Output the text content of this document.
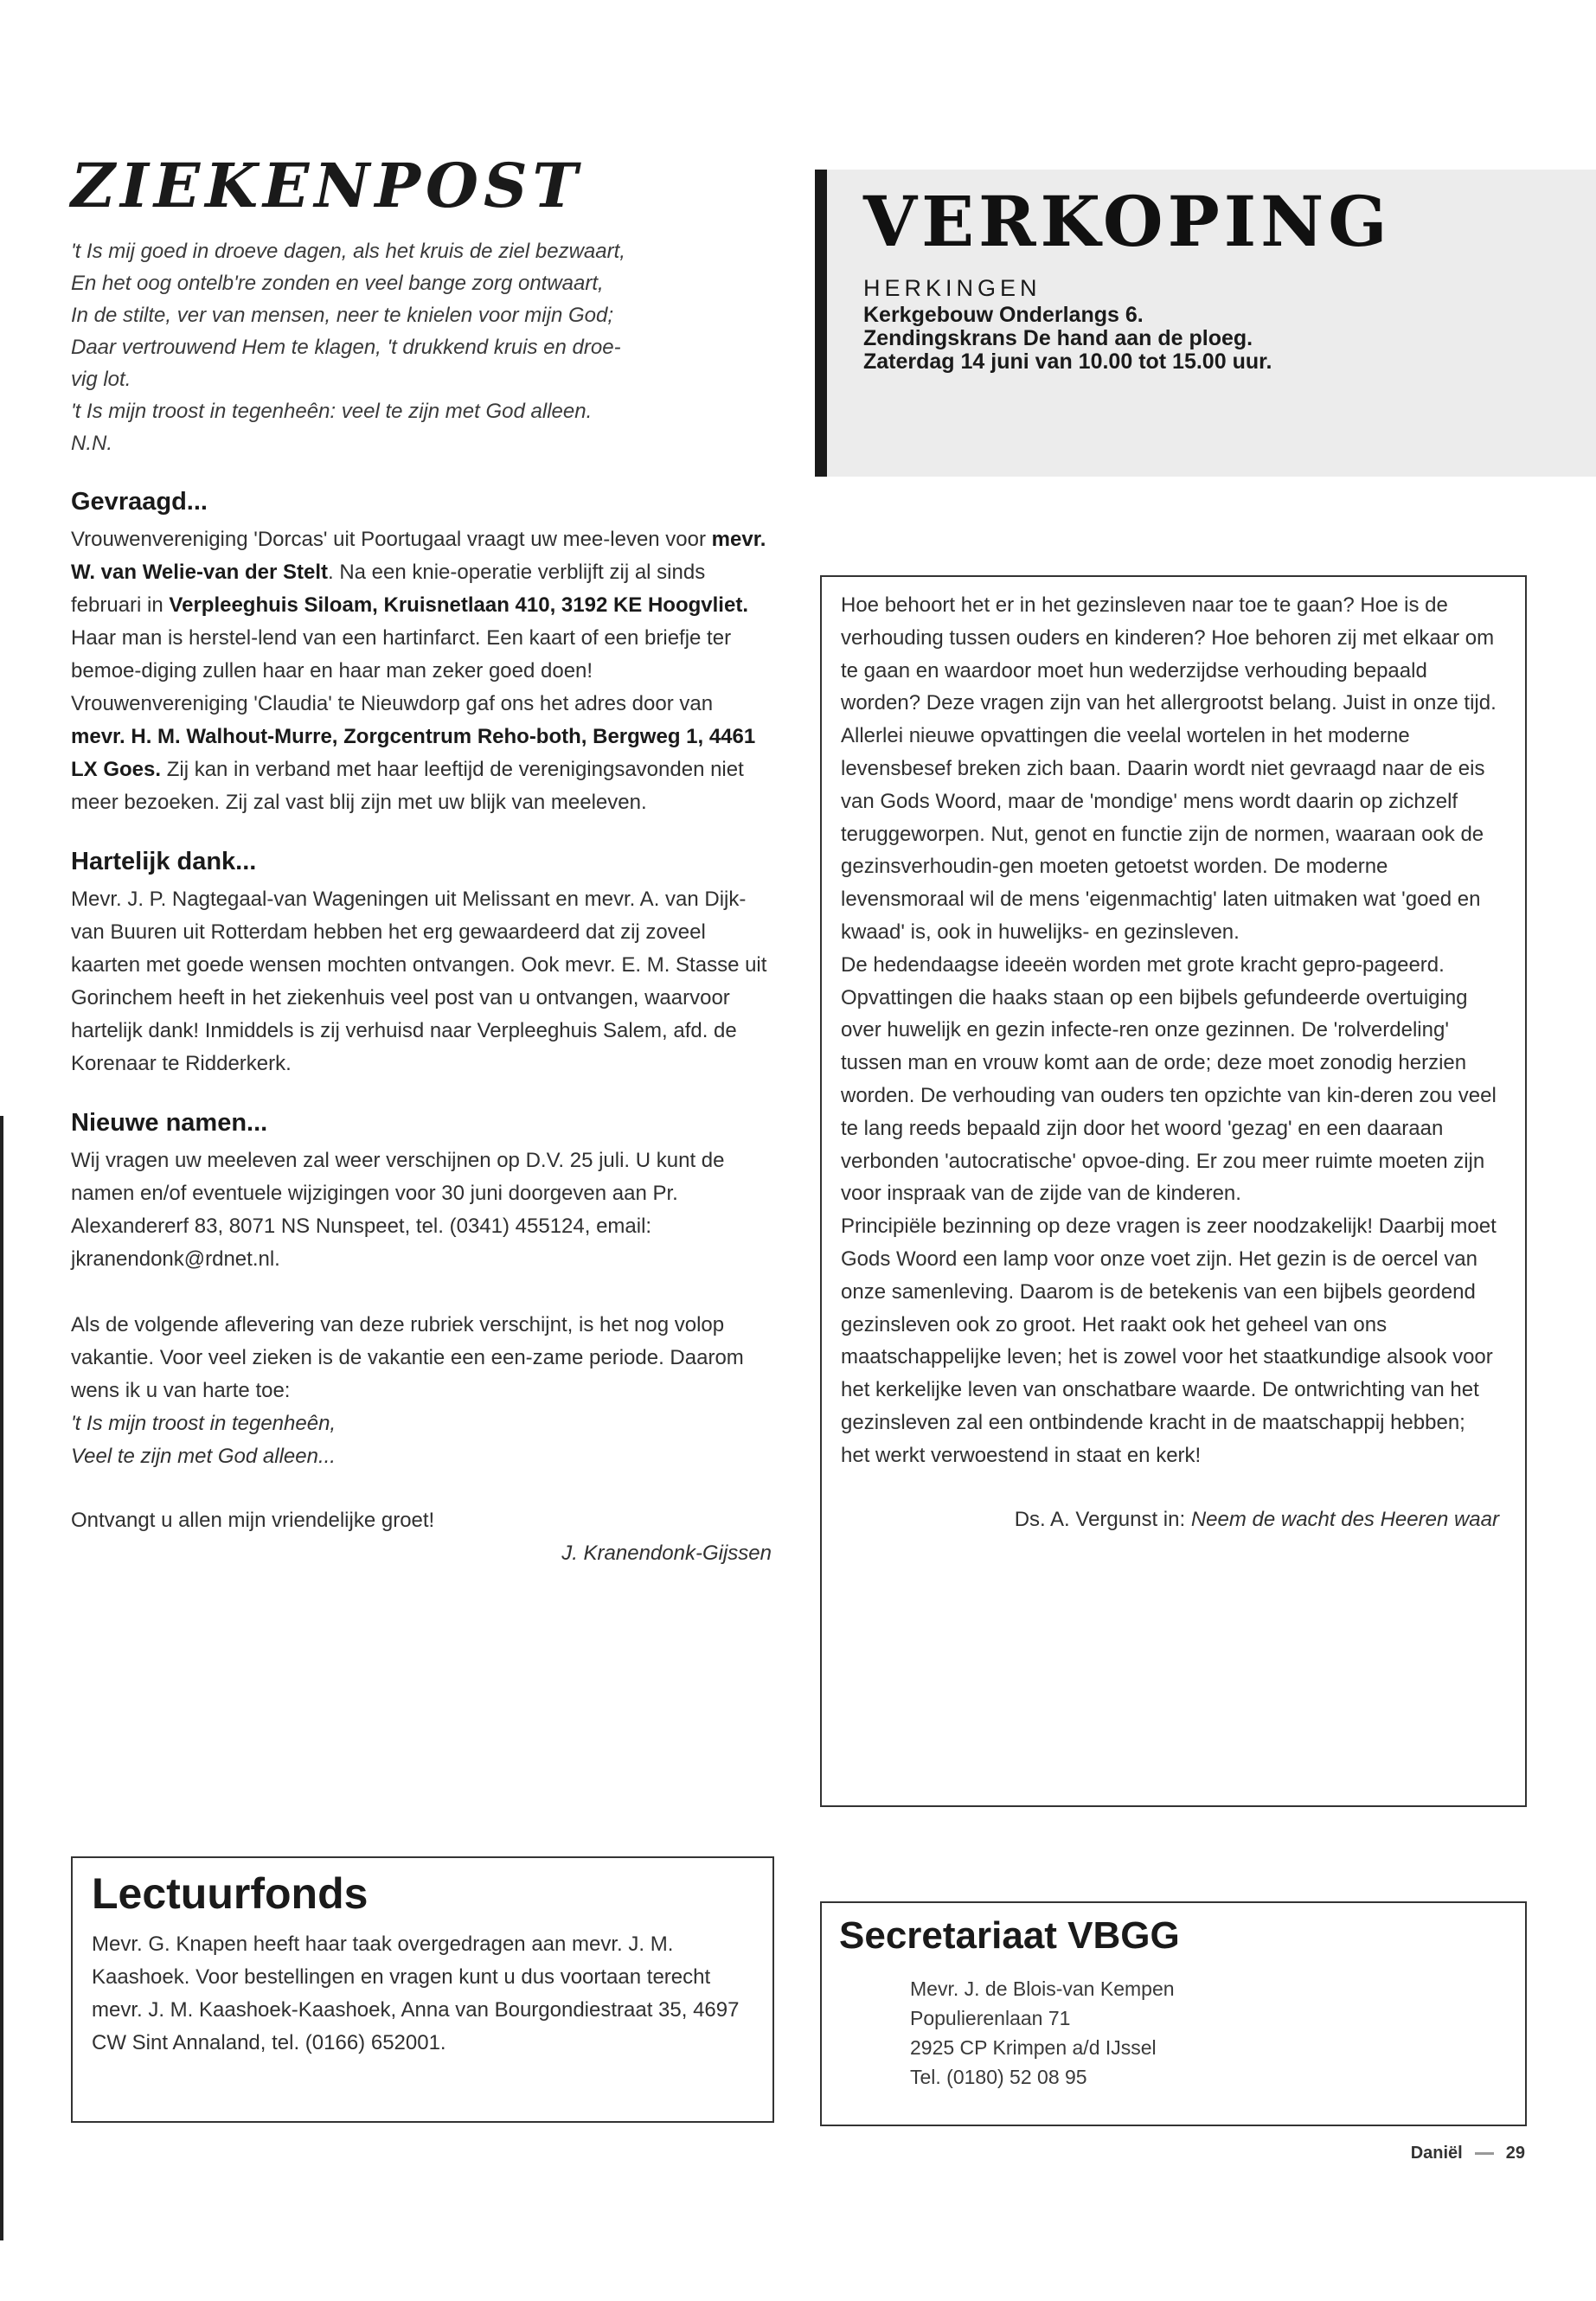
ZIEKENPOST

't Is mij goed in droeve dagen, als het kruis de ziel bezwaart,

En het oog ontelb're zonden en veel bange zorg ontwaart,

In de stilte, ver van mensen, neer te knielen voor mijn God;

Daar vertrouwend Hem te klagen, 't drukkend kruis en droe-

vig lot.

't Is mijn troost in tegenheên: veel te zijn met God alleen.

N.N.

Gevraagd...

Vrouwenvereniging 'Dorcas' uit Poortugaal vraagt uw mee-leven voor mevr. W. van Welie-van der Stelt. Na een knie-operatie verblijft zij al sinds februari in Verpleeghuis Siloam, Kruisnetlaan 410, 3192 KE Hoogvliet. Haar man is herstel-lend van een hartinfarct. Een kaart of een briefje ter bemoe-diging zullen haar en haar man zeker goed doen!

Vrouwenvereniging 'Claudia' te Nieuwdorp gaf ons het adres door van mevr. H. M. Walhout-Murre, Zorgcentrum Reho-both, Bergweg 1, 4461 LX Goes. Zij kan in verband met haar leeftijd de verenigingsavonden niet meer bezoeken. Zij zal vast blij zijn met uw blijk van meeleven.

Hartelijk dank...

Mevr. J. P. Nagtegaal-van Wageningen uit Melissant en mevr. A. van Dijk-van Buuren uit Rotterdam hebben het erg gewaardeerd dat zij zoveel kaarten met goede wensen mochten ontvangen. Ook mevr. E. M. Stasse uit Gorinchem heeft in het ziekenhuis veel post van u ontvangen, waarvoor hartelijk dank! Inmiddels is zij verhuisd naar Verpleeghuis Salem, afd. de Korenaar te Ridderkerk.

Nieuwe namen...

Wij vragen uw meeleven zal weer verschijnen op D.V. 25 juli. U kunt de namen en/of eventuele wijzigingen voor 30 juni doorgeven aan Pr. Alexandererf 83, 8071 NS Nunspeet, tel. (0341) 455124, email: jkranendonk@rdnet.nl.

Als de volgende aflevering van deze rubriek verschijnt, is het nog volop vakantie. Voor veel zieken is de vakantie een een-zame periode. Daarom wens ik u van harte toe:

't Is mijn troost in tegenheên,

Veel te zijn met God alleen...

Ontvangt u allen mijn vriendelijke groet!

J. Kranendonk-Gijssen

VERKOPING

HERKINGEN

Kerkgebouw Onderlangs 6.

Zendingskrans De hand aan de ploeg.

Zaterdag 14 juni van 10.00 tot 15.00 uur.

Hoe behoort het er in het gezinsleven naar toe te gaan? Hoe is de verhouding tussen ouders en kinderen? Hoe behoren zij met elkaar om te gaan en waardoor moet hun wederzijdse verhouding bepaald worden? Deze vragen zijn van het allergrootst belang. Juist in onze tijd. Allerlei nieuwe opvattingen die veelal wortelen in het moderne levensbesef breken zich baan. Daarin wordt niet gevraagd naar de eis van Gods Woord, maar de 'mondige' mens wordt daarin op zichzelf teruggeworpen. Nut, genot en functie zijn de normen, waaraan ook de gezinsverhoudin-gen moeten getoetst worden. De moderne levensmoraal wil de mens 'eigenmachtig' laten uitmaken wat 'goed en kwaad' is, ook in huwelijks- en gezinsleven.

De hedendaagse ideeën worden met grote kracht gepro-pageerd. Opvattingen die haaks staan op een bijbels gefundeerde overtuiging over huwelijk en gezin infecte-ren onze gezinnen. De 'rolverdeling' tussen man en vrouw komt aan de orde; deze moet zonodig herzien worden. De verhouding van ouders ten opzichte van kin-deren zou veel te lang reeds bepaald zijn door het woord 'gezag' en een daaraan verbonden 'autocratische' opvoe-ding. Er zou meer ruimte moeten zijn voor inspraak van de zijde van de kinderen.

Principiële bezinning op deze vragen is zeer noodzakelijk! Daarbij moet Gods Woord een lamp voor onze voet zijn. Het gezin is de oercel van onze samenleving. Daarom is de betekenis van een bijbels geordend gezinsleven ook zo groot. Het raakt ook het geheel van ons maatschappelijke leven; het is zowel voor het staatkundige alsook voor het kerkelijke leven van onschatbare waarde. De ontwrichting van het gezinsleven zal een ontbindende kracht in de maatschappij hebben; het werkt verwoestend in staat en kerk!

Ds. A. Vergunst in: Neem de wacht des Heeren waar

Lectuurfonds

Mevr. G. Knapen heeft haar taak overgedragen aan mevr. J. M. Kaashoek. Voor bestellingen en vragen kunt u dus voortaan terecht mevr. J. M. Kaashoek-Kaashoek, Anna van Bourgondiestraat 35, 4697 CW Sint Annaland, tel. (0166) 652001.

Secretariaat VBGG

Mevr. J. de Blois-van Kempen

Populierenlaan 71

2925 CP Krimpen a/d IJssel

Tel. (0180) 52 08 95

Daniël	29
